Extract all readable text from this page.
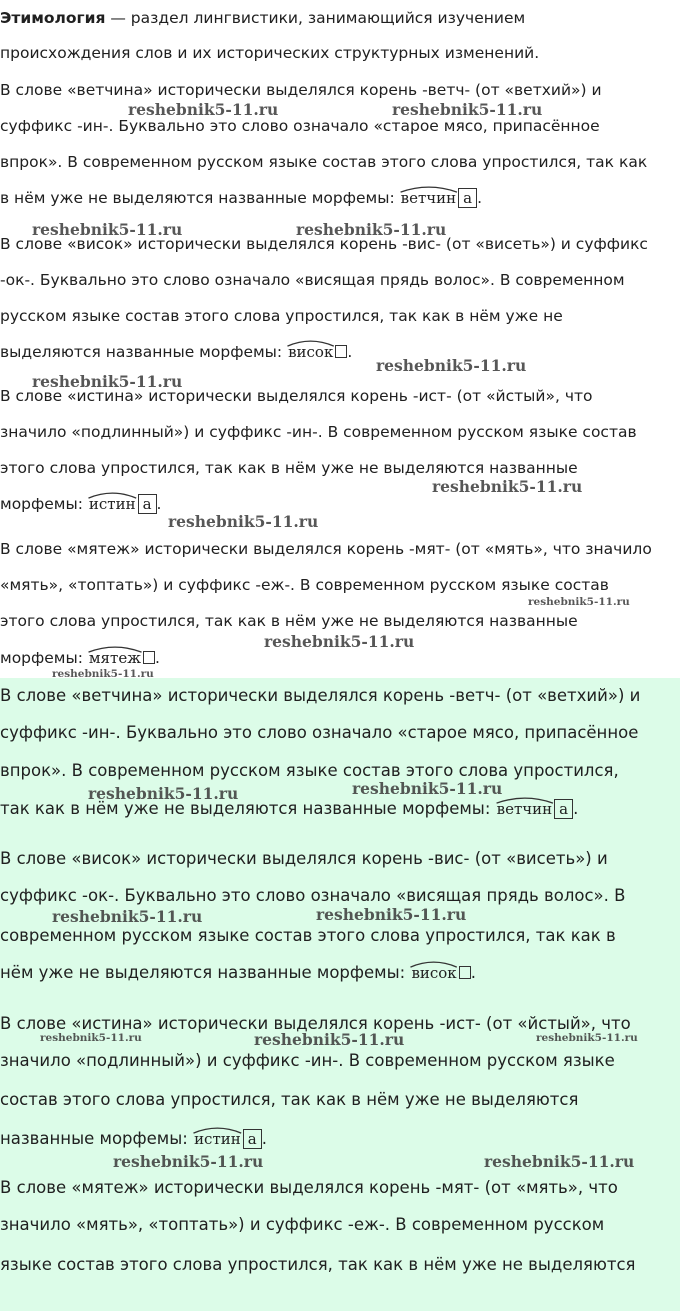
Этимология — раздел лингвистики, занимающийся изучением

происхождения слов и их исторических структурных изменений.

В слове «ветчина» исторически выделялся корень -ветч- (от «ветхий») и

суффикс -ин-. Буквально это слово означало «старое мясо, припасённое

впрок». В современном русском языке состав этого слова упростился, так как

в нём уже не выделяются названные морфемы:
ветчин а .

В слове «висок» исторически выделялся корень -вис- (от «висеть») и суффикс

-ок-. Буквально это слово означало «висящая прядь волос». В современном

русском языке состав этого слова упростился, так как в нём уже не

выделяются названные морфемы:
висок .

В слове «истина» исторически выделялся корень -ист- (от «йстый», что

значило «подлинный») и суффикс -ин-. В современном русском языке состав

этого слова упростился, так как в нём уже не выделяются названные

морфемы:
истин а .

В слове «мятеж» исторически выделялся корень -мят- (от «мять», что значило

«мять», «топтать») и суффикс -еж-. В современном русском языке состав

этого слова упростился, так как в нём уже не выделяются названные

морфемы:
мятеж .

В слове «ветчина» исторически выделялся корень -ветч- (от «ветхий») и

суффикс -ин-. Буквально это слово означало «старое мясо, припасённое

впрок». В современном русском языке состав этого слова упростился,

так как в нём уже не выделяются названные морфемы:
ветчин а .

В слове «висок» исторически выделялся корень -вис- (от «висеть») и

суффикс -ок-. Буквально это слово означало «висящая прядь волос». В

современном русском языке состав этого слова упростился, так как в

нём уже не выделяются названные морфемы:
висок .

В слове «истина» исторически выделялся корень -ист- (от «йстый», что

значило «подлинный») и суффикс -ин-. В современном русском языке

состав этого слова упростился, так как в нём уже не выделяются

названные морфемы:
истин а .

В слове «мятеж» исторически выделялся корень -мят- (от «мять», что

значило «мять», «топтать») и суффикс -еж-. В современном русском

языке состав этого слова упростился, так как в нём уже не выделяются

reshebnik5-11.ru	reshebnik5-11.ru
reshebnik5-11.ru	reshebnik5-11.ru
reshebnik5-11.ru
reshebnik5-11.ru
reshebnik5-11.ru
reshebnik5-11.ru
reshebnik5-11.ru
reshebnik5-11.ru
reshebnik5-11.ru
reshebnik5-11.ru
reshebnik5-11.ru
reshebnik5-11.ru	reshebnik5-11.ru
reshebnik5-11.ru	reshebnik5-11.ru	reshebnik5-11.ru
reshebnik5-11.ru	reshebnik5-11.ru
